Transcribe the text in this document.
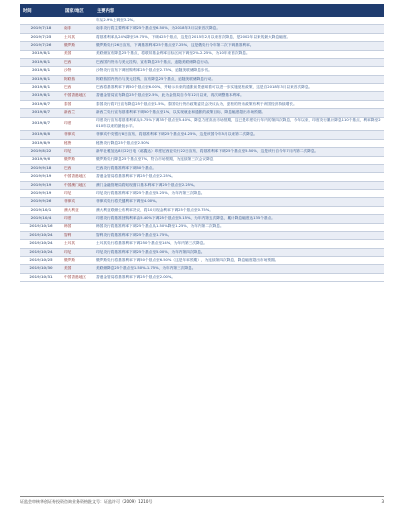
时间	国家/地区	主要内容
		年从2.9%上调至3.2%。
2019/7/18	南非	南非央行将主要利率下调25个基点至6.50%，为2018年3月以来首次降息。
2019/7/25	土耳其	将基准利率从24%降至19.75%，下调425个基点，这是自2015年2月以来首次降息，是2002年以来的最大降息幅度。
2019/7/26	俄罗斯	俄罗斯央行26日宣布，下调基准利率25个基点至7.25%，这是俄央行今年第二次下调基准利率。
2019/8/1	美国	美联储宣布降息25个基点，将联邦基金利率目标区间下调至2%-2.25%，为10年来首次降息。
2019/8/1	巴西	巴西国内货币与美元挂钩，宣布降息25个基点，追随美联储降息行动。
2019/8/1	沙特	沙特央行宣布下调回购利率25个基点至2.75%，追随美联储降息步伐。
2019/8/1	阿联酋	阿联酋国内货币与美元挂钩，宣布降息25个基点，追随美联储降息行动。
2019/8/1	巴西	巴西将基准利率下调50个基点至6.00%，并暗示未来的通胀前景意味着可以进一步实施宽松政策，这是自2018年3月以来首次降息。
2019/8/1	中国香港地区	香港金管局宣布降息25个基点至2.5%，此为金管局自今年12月以来，再次调整基本利率。
2019/8/7	泰国	泰国央行将7日宣布降息25个基点至1.5%。泰国央行货币政策委员会决议认为，更松的货币政策有利于该国经济持续增长。
2019/8/7	新西兰	新西兰央行宣布基准利率下调50个基点至1%，以实现就业和通胀的政策目标，降息幅度超出市场预期。
2019/8/7	印度	印度央行宣布将基准利率从5.75%下调35个基点至5.40%，降息力度高出市场预期，这已是印度央行年内的第四次降息，今年以来，印度央行累计降息110个基点，利率降至2010年以来的最低水平。
2019/8/8	菲律宾	菲律宾中央银行8日宣布，将基准利率下调25个基点至4.25%，这是该国今年5月以来第二次降息。
2019/8/9	秘鲁	秘鲁央行降息25个基点至2.50%
2019/8/22	印尼	新华社雅加达8月22日电（郝鑫达）印度尼西亚央行22日宣布，将基准利率下调25个基点至5.50%，这是该行自今年7月内第二次降息。
2019/9/6	俄罗斯	俄罗斯央行降息25个基点至7%，符合市场预期，为连续第三次会议降息
2019/9/18	巴西	巴西央行将基准利率下调50个基点。
2019/9/19	中国香港地区	香港金管局将基准利率下调25个基点至2.25%。
2019/9/19	中国澳门地区	澳门金融管理局将贴现窗口基本利率下调25个基点至2.25%。
2019/9/19	印尼	印尼央行将基准利率下调25个基点至5.25%，为年内第三次降息。
2019/9/26	菲律宾	菲律宾央行将关键利率下调至4.00%。
2019/10/1	澳大利亚	澳大利亚联储公布利率决议，将10月现金利率下调25个基点至0.75%。
2019/10/4	印度	印度央行将基准回购利率由5.40%下调25个基点至5.15%，为年内第五次降息，累计降息幅度达135个基点。
2019/10/16	韩国	韩国央行将基准利率下调25个基点从1.50%降至1.25%，为年内第二次降息。
2019/10/24	智利	智利央行将基准利率下调25个基点至1.75%。
2019/10/24	土耳其	土耳其央行将基准利率下调250个基点至14%，为年内第三次降息。
2019/10/24	印尼	印尼央行将基准利率下调25个基点至5.00%，为年内第四次降息。
2019/10/25	俄罗斯	俄罗斯央行将基准利率下调50个基点至6.50%（这是年率预期），为连续第四次降息，降息幅度超出市场预期。
2019/10/30	美国	美联储降息25个基点至1.50%-1.75%，为年内第三次降息。
2019/10/31	中国香港地区	香港金管局将基准利率下调25个基点至2.00%。
证监会审核华创证券投资咨询业务资格批文号：证监许可（2009）1210号	3
